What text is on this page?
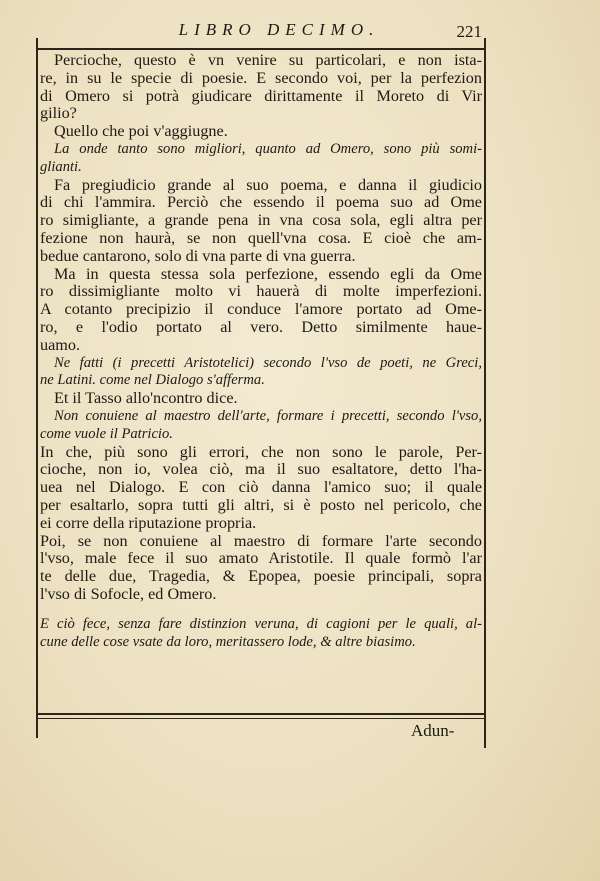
LIBRO DECIMO.	221
Percioche, questo è vn venire su particolari, e non ista-
re, in su le specie di poesie. E secondo voi, per la perfezion
di Omero si potrà giudicare dirittamente il Moreto di Vir
gilio?
Quello che poi v'aggiugne.
La onde tanto sono migliori, quanto ad Omero, sono più somi-
glianti.
Fa pregiudicio grande al suo poema, e danna il giudicio
di chi l'ammira. Perciò che essendo il poema suo ad Ome
ro simigliante, a grande pena in vna cosa sola, egli altra per
fezione non haurà, se non quell'vna cosa. E cioè che am-
bedue cantarono, solo di vna parte di vna guerra.
Ma in questa stessa sola perfezione, essendo egli da Ome
ro dissimigliante molto vi hauerà di molte imperfezioni.
A cotanto precipizio il conduce l'amore portato ad Ome-
ro, e l'odio portato al vero. Detto similmente haue-
uamo.
Ne fatti (i precetti Aristotelici) secondo l'vso de poeti, ne Greci,
ne Latini. come nel Dialogo s'afferma.
Et il Tasso allo'ncontro dice.
Non conuiene al maestro dell'arte, formare i precetti, secondo l'vso,
come vuole il Patricio.
In che, più sono gli errori, che non sono le parole, Per-
cioche, non io, volea ciò, ma il suo esaltatore, detto l'ha-
uea nel Dialogo. E con ciò danna l'amico suo; il quale
per esaltarlo, sopra tutti gli altri, si è posto nel pericolo, che
ei corre della riputazione propria.
Poi, se non conuiene al maestro di formare l'arte secondo
l'vso, male fece il suo amato Aristotile. Il quale formò l'ar
te delle due, Tragedia, & Epopea, poesie principali, sopra
l'vso di Sofocle, ed Omero.
E ciò fece, senza fare distinzion veruna, di cagioni per le quali, al-
cune delle cose vsate da loro, meritassero lode, & altre biasimo.
Adun-
